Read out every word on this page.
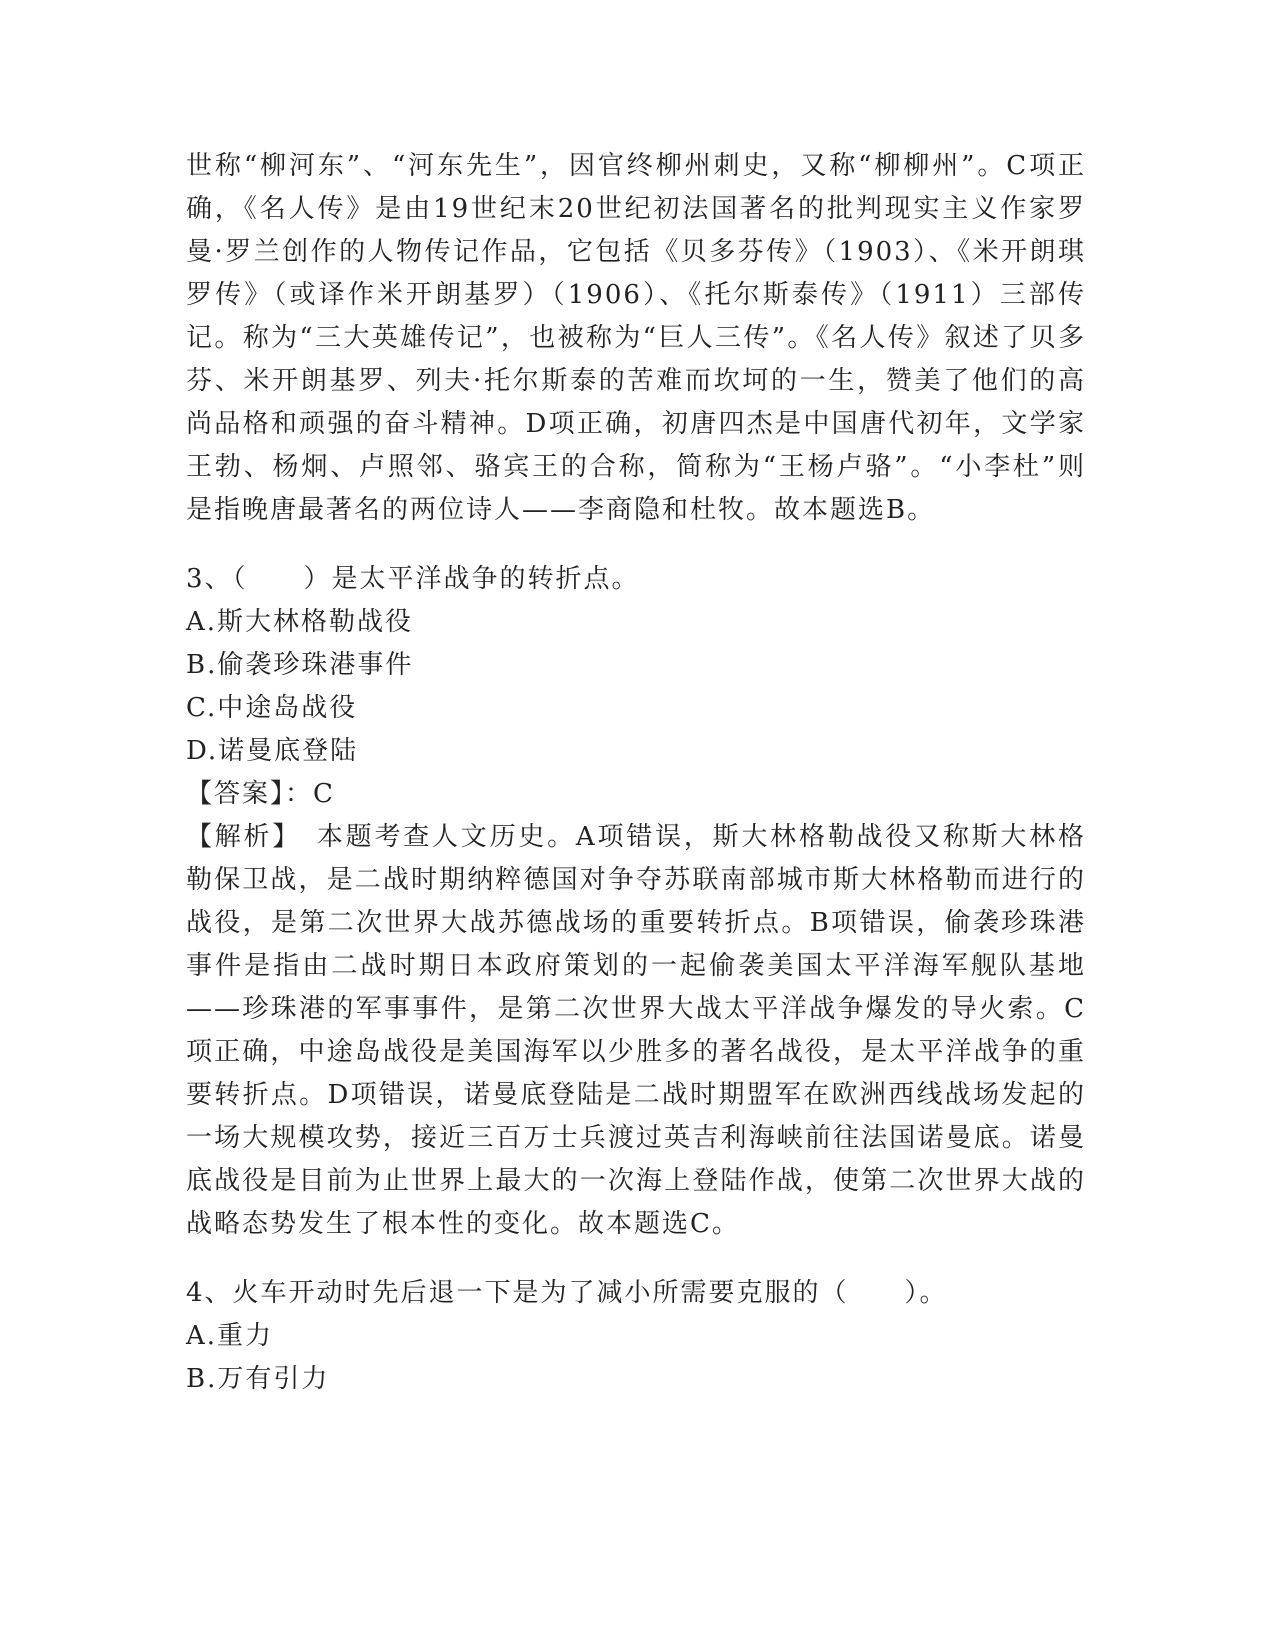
世称“柳河东”、“河东先生”，因官终柳州刺史，又称“柳柳州”。C项正确，《名人传》是由19世纪末20世纪初法国著名的批判现实主义作家罗曼·罗兰创作的人物传记作品，它包括《贝多芬传》（1903）、《米开朗琪罗传》（或译作米开朗基罗）（1906）、《托尔斯泰传》（1911）三部传记。称为“三大英雄传记”，也被称为“巨人三传”。《名人传》叙述了贝多芬、米开朗基罗、列夫·托尔斯泰的苦难而坎坷的一生，赞美了他们的高尚品格和顽强的奋斗精神。D项正确，初唐四杰是中国唐代初年，文学家王勃、杨炯、卢照邻、骆宾王的合称，简称为“王杨卢骆”。“小李杜”则是指晚唐最著名的两位诗人——李商隐和杜牧。故本题选B。

3、（　　）是太平洋战争的转折点。

A.斯大林格勒战役

B.偷袭珍珠港事件

C.中途岛战役

D.诺曼底登陆

【答案】：C

【解析】　本题考查人文历史。A项错误，斯大林格勒战役又称斯大林格勒保卫战，是二战时期纳粹德国对争夺苏联南部城市斯大林格勒而进行的战役，是第二次世界大战苏德战场的重要转折点。B项错误，偷袭珍珠港事件是指由二战时期日本政府策划的一起偷袭美国太平洋海军舰队基地——珍珠港的军事事件，是第二次世界大战太平洋战争爆发的导火索。C项正确，中途岛战役是美国海军以少胜多的著名战役，是太平洋战争的重要转折点。D项错误，诺曼底登陆是二战时期盟军在欧洲西线战场发起的一场大规模攻势，接近三百万士兵渡过英吉利海峡前往法国诺曼底。诺曼底战役是目前为止世界上最大的一次海上登陆作战，使第二次世界大战的战略态势发生了根本性的变化。故本题选C。

4、火车开动时先后退一下是为了减小所需要克服的（　　）。

A.重力

B.万有引力
